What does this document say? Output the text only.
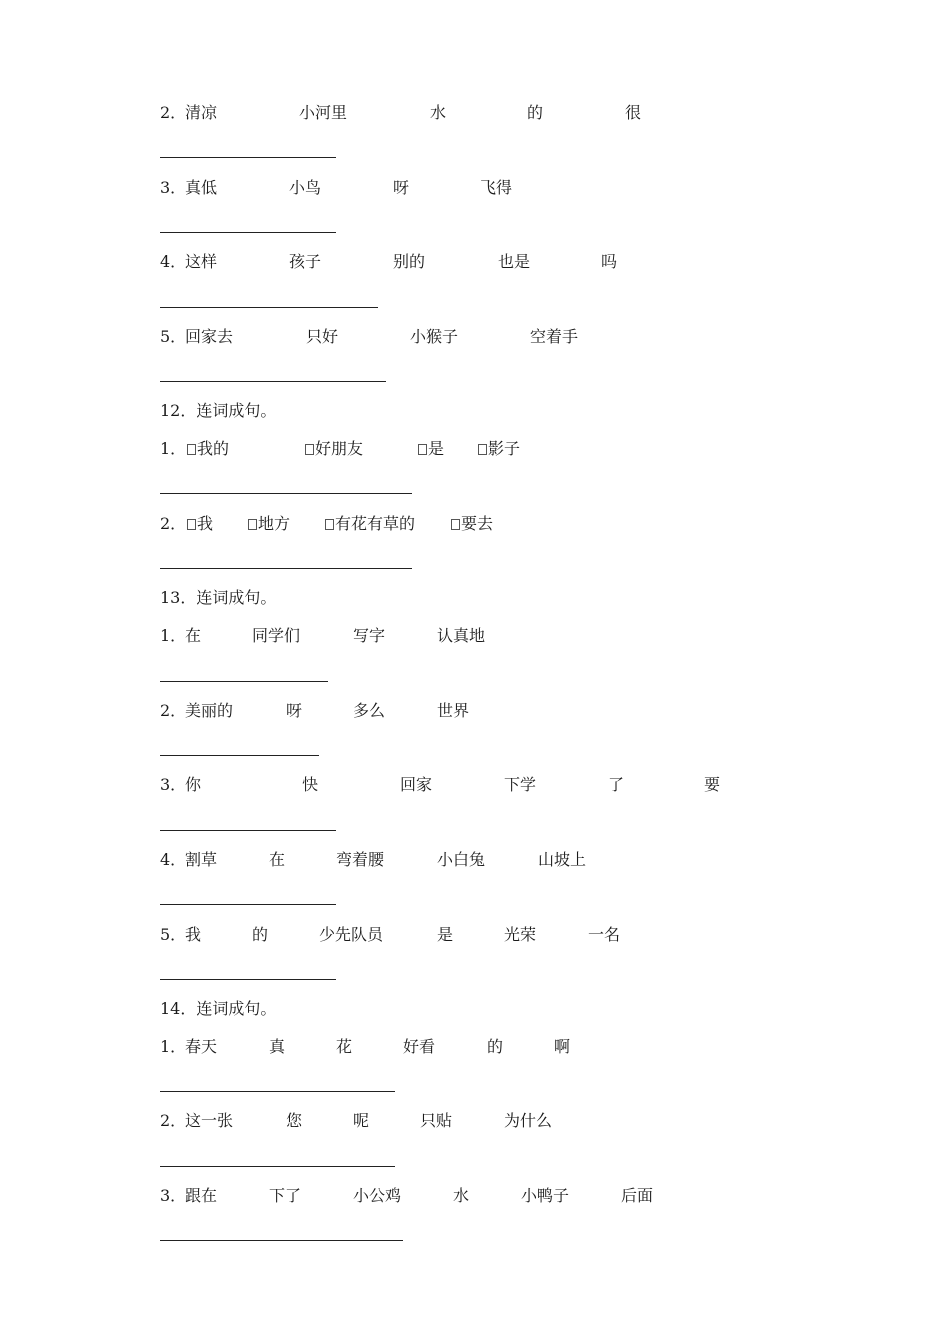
2．
清凉	小河里	水	的	很
3．
真低	小鸟	呀	飞得
4．
这样	孩子	别的	也是	吗
5．
回家去	只好	小猴子	空着手
12．连词成句。
1． 我的	好朋友	是	影子
2． 我	地方	有花有草的	要去
13．连词成句。
1．
在	同学们	写字	认真地
2．
美丽的	呀	多么	世界
3．
你	快	回家	下学	了	要
4．
割草	在	弯着腰	小白兔	山坡上
5．
我	的	少先队员	是	光荣	一名
14．连词成句。
1．
春天	真	花	好看	的	啊
2．
这一张	您	呢	只贴	为什么
3．
跟在	下了	小公鸡	水	小鸭子	后面
